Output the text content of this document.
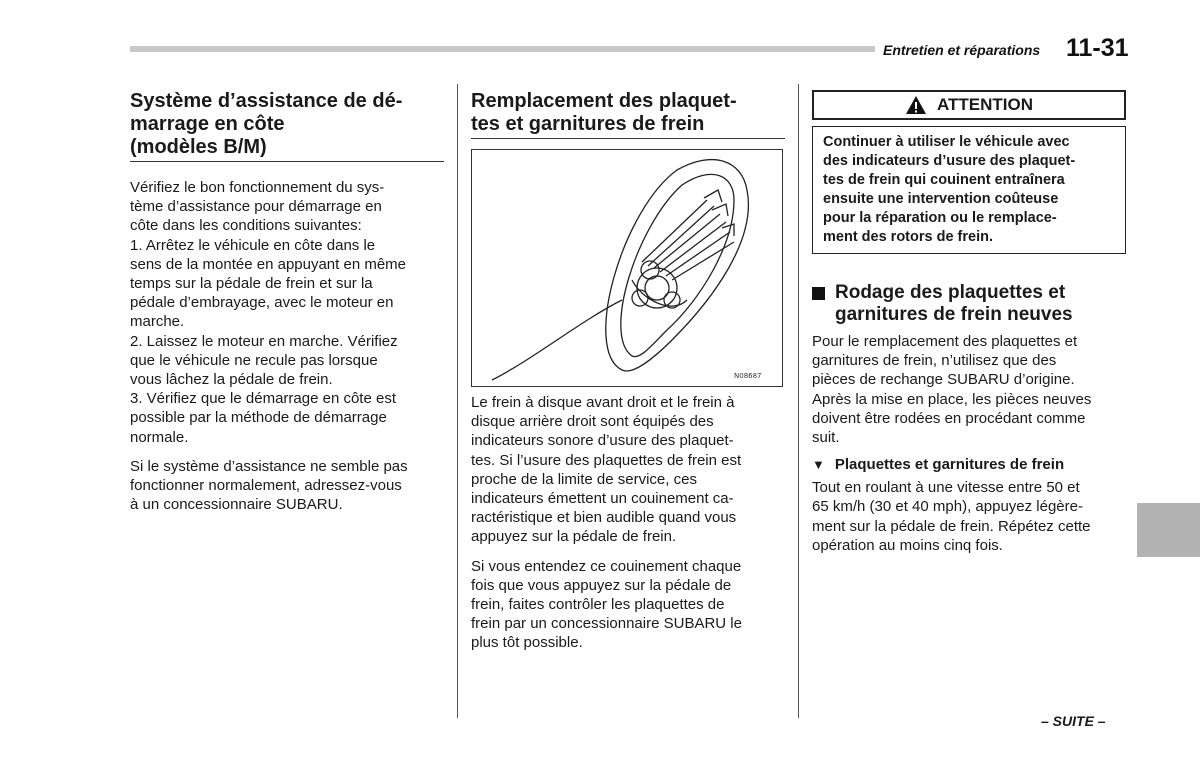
Entretien et réparations 11-31
Système d’assistance de dé-
marrage en côte
(modèles B/M)

Vérifiez le bon fonctionnement du sys-
tème d’assistance pour démarrage en
côte dans les conditions suivantes:

1. Arrêtez le véhicule en côte dans le
sens de la montée en appuyant en même
temps sur la pédale de frein et sur la
pédale d’embrayage, avec le moteur en
marche.

2. Laissez le moteur en marche. Vérifiez
que le véhicule ne recule pas lorsque
vous lâchez la pédale de frein.

3. Vérifiez que le démarrage en côte est
possible par la méthode de démarrage
normale.

Si le système d’assistance ne semble pas
fonctionner normalement, adressez-vous
à un concessionnaire SUBARU.

Remplacement des plaquet-
tes et garnitures de frein
N08687

Le frein à disque avant droit et le frein à
disque arrière droit sont équipés des
indicateurs sonore d’usure des plaquet-
tes. Si l’usure des plaquettes de frein est
proche de la limite de service, ces
indicateurs émettent un couinement ca-
ractéristique et bien audible quand vous
appuyez sur la pédale de frein.

Si vous entendez ce couinement chaque
fois que vous appuyez sur la pédale de
frein, faites contrôler les plaquettes de
frein par un concessionnaire SUBARU le
plus tôt possible.

ATTENTION
Continuer à utiliser le véhicule avec
des indicateurs d’usure des plaquet-
tes de frein qui couinent entraînera
ensuite une intervention coûteuse
pour la réparation ou le remplace-
ment des rotors de frein.
Rodage des plaquettes et
garnitures de frein neuves

Pour le remplacement des plaquettes et
garnitures de frein, n’utilisez que des
pièces de rechange SUBARU d’origine.
Après la mise en place, les pièces neuves
doivent être rodées en procédant comme
suit.

▼ Plaquettes et garnitures de frein

Tout en roulant à une vitesse entre 50 et
65 km/h (30 et 40 mph), appuyez légère-
ment sur la pédale de frein. Répétez cette
opération au moins cinq fois.

– SUITE –
